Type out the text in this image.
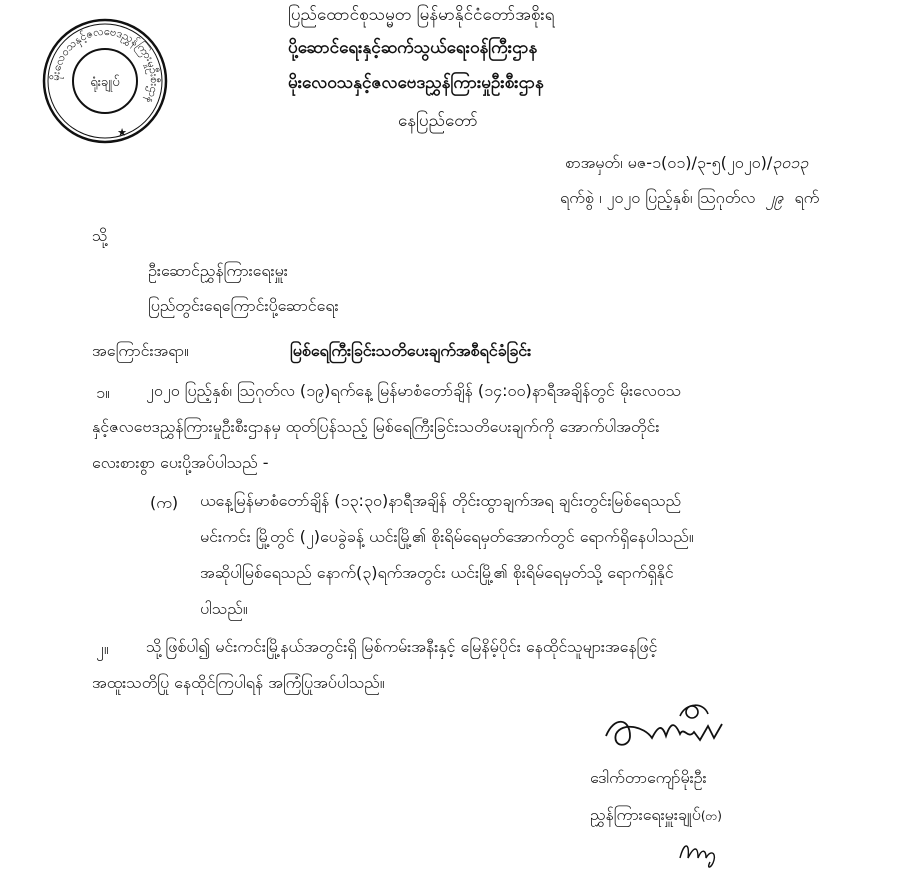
မိုးလေဝသနှင့်ဇလဗေဒညွှန်ကြားမှုဦးစီးဌာန
ရုံးချုပ်
★
ပြည်ထောင်စုသမ္မတ မြန်မာနိုင်ငံတော်အစိုးရ
ပို့ဆောင်ရေးနှင့်ဆက်သွယ်ရေးဝန်ကြီးဌာန
မိုးလေဝသနှင့်ဇလဗေဒညွှန်ကြားမှုဦးစီးဌာန
နေပြည်တော်
စာအမှတ်၊ မဇ-၁(၀၁)/၃-၅(၂၀၂၀)/၃၀၁၃
ရက်စွဲ ၊ ၂၀၂၀ ပြည့်နှစ်၊ ဩဂုတ်လ ၂၉ ရက်
သို့
ဦးဆောင်ညွှန်ကြားရေးမှူး
ပြည်တွင်းရေကြောင်းပို့ဆောင်ရေး
အကြောင်းအရာ။	မြစ်ရေကြီးခြင်းသတိပေးချက်အစီရင်ခံခြင်း
၁။ ၂၀၂၀ ပြည့်နှစ်၊ ဩဂုတ်လ (၁၉)ရက်နေ့ မြန်မာစံတော်ချိန် (၁၄:၀၀)နာရီအချိန်တွင် မိုးလေဝသ
နှင့်ဇလဗေဒညွှန်ကြားမှုဦးစီးဌာနမှ ထုတ်ပြန်သည့် မြစ်ရေကြီးခြင်းသတိပေးချက်ကို အောက်ပါအတိုင်း
လေးစားစွာ ပေးပို့အပ်ပါသည် -
(က) ယနေ့မြန်မာစံတော်ချိန် (၁၃:၃၀)နာရီအချိန် တိုင်းထွာချက်အရ ချင်းတွင်းမြစ်ရေသည်
မင်းကင်း မြို့တွင် (၂)ပေခွဲခန့် ယင်းမြို့၏ စိုးရိမ်ရေမှတ်အောက်တွင် ရောက်ရှိနေပါသည်။
အဆိုပါမြစ်ရေသည် နောက်(၃)ရက်အတွင်း ယင်းမြို့၏ စိုးရိမ်ရေမှတ်သို့ ရောက်ရှိနိုင်
ပါသည်။
၂။ သို့ဖြစ်ပါ၍ မင်းကင်းမြို့နယ်အတွင်းရှိ မြစ်ကမ်းအနီးနှင့် မြေနိမ့်ပိုင်း နေထိုင်သူများအနေဖြင့်
အထူးသတိပြု နေထိုင်ကြပါရန် အကြံပြုအပ်ပါသည်။
ဒေါက်တာကျော်မိုးဦး
ညွှန်ကြားရေးမှူးချုပ်(တ)
